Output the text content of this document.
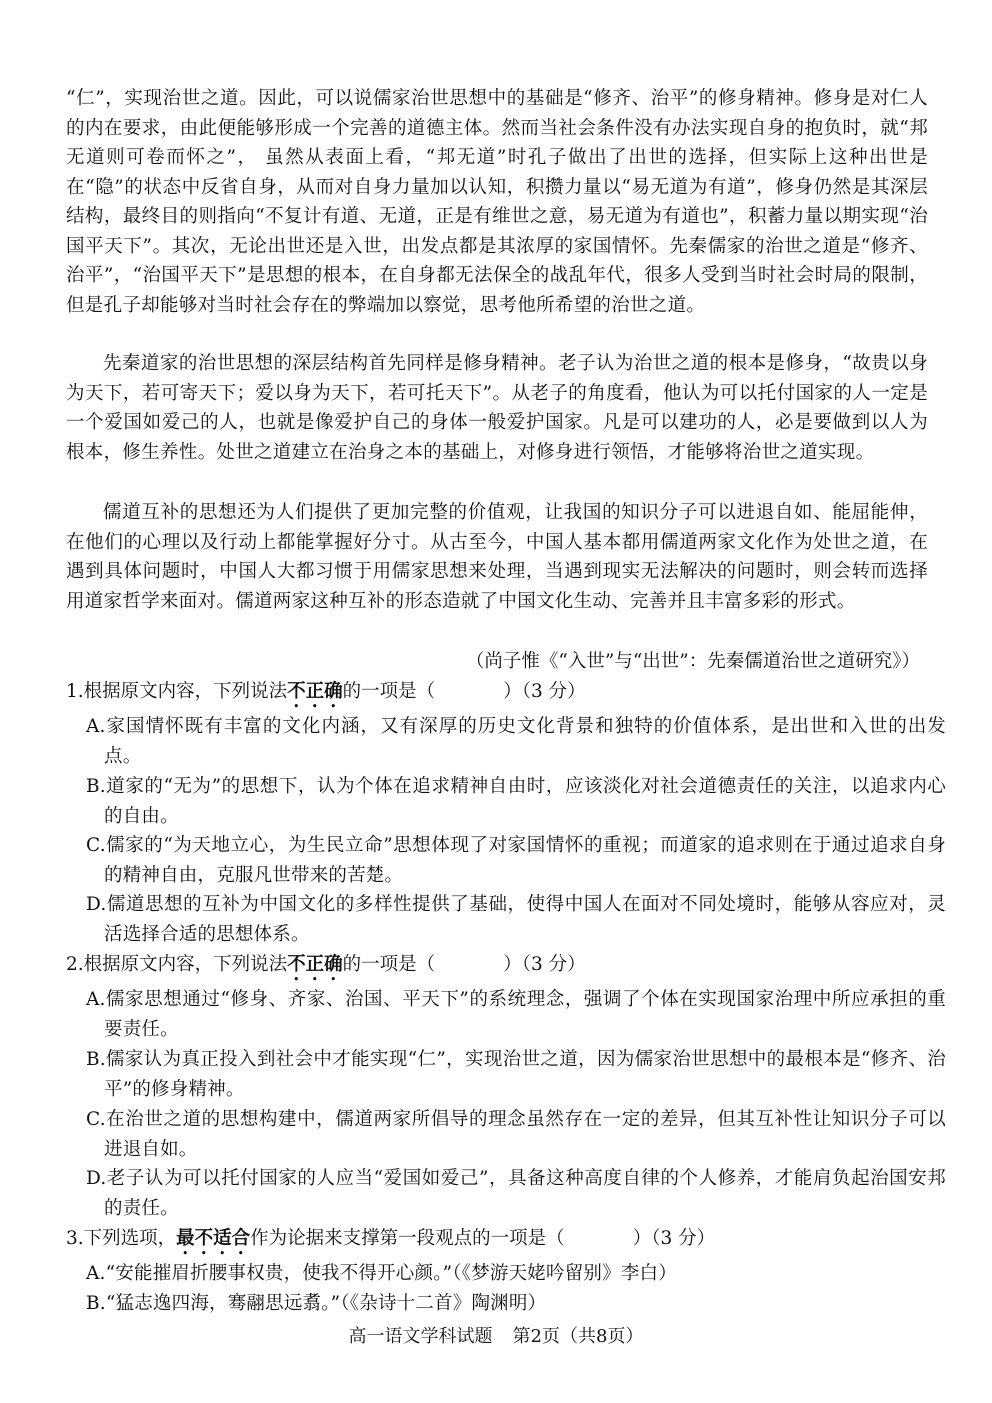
“仁”，实现治世之道。因此，可以说儒家治世思想中的基础是“修齐、治平”的修身精神。修身是对仁人的内在要求，由此便能够形成一个完善的道德主体。然而当社会条件没有办法实现自身的抱负时，就“邦无道则可卷而怀之”， 虽然从表面上看，“邦无道”时孔子做出了出世的选择，但实际上这种出世是在“隐”的状态中反省自身，从而对自身力量加以认知，积攒力量以“易无道为有道”，修身仍然是其深层结构，最终目的则指向“不复计有道、无道，正是有维世之意，易无道为有道也”，积蓄力量以期实现“治国平天下”。其次，无论出世还是入世，出发点都是其浓厚的家国情怀。先秦儒家的治世之道是“修齐、治平”，“治国平天下”是思想的根本，在自身都无法保全的战乱年代，很多人受到当时社会时局的限制，但是孔子却能够对当时社会存在的弊端加以察觉，思考他所希望的治世之道。

先秦道家的治世思想的深层结构首先同样是修身精神。老子认为治世之道的根本是修身，“故贵以身为天下，若可寄天下；爱以身为天下，若可托天下”。从老子的角度看，他认为可以托付国家的人一定是一个爱国如爱己的人，也就是像爱护自己的身体一般爱护国家。凡是可以建功的人，必是要做到以人为根本，修生养性。处世之道建立在治身之本的基础上，对修身进行领悟，才能够将治世之道实现。

儒道互补的思想还为人们提供了更加完整的价值观，让我国的知识分子可以进退自如、能屈能伸，在他们的心理以及行动上都能掌握好分寸。从古至今，中国人基本都用儒道两家文化作为处世之道，在遇到具体问题时，中国人大都习惯于用儒家思想来处理，当遇到现实无法解决的问题时，则会转而选择用道家哲学来面对。儒道两家这种互补的形态造就了中国文化生动、完善并且丰富多彩的形式。

（尚子惟《“入世”与“出世”：先秦儒道治世之道研究》）

1.根据原文内容，下列说法不正确的一项是（	）（3 分）

A.家国情怀既有丰富的文化内涵，又有深厚的历史文化背景和独特的价值体系，是出世和入世的出发点。

B.道家的“无为”的思想下，认为个体在追求精神自由时，应该淡化对社会道德责任的关注，以追求内心的自由。

C.儒家的“为天地立心，为生民立命”思想体现了对家国情怀的重视；而道家的追求则在于通过追求自身的精神自由，克服凡世带来的苦楚。

D.儒道思想的互补为中国文化的多样性提供了基础，使得中国人在面对不同处境时，能够从容应对，灵活选择合适的思想体系。

2.根据原文内容，下列说法不正确的一项是（	）（3 分）

A.儒家思想通过“修身、齐家、治国、平天下”的系统理念，强调了个体在实现国家治理中所应承担的重要责任。

B.儒家认为真正投入到社会中才能实现“仁”，实现治世之道，因为儒家治世思想中的最根本是“修齐、治平”的修身精神。

C.在治世之道的思想构建中，儒道两家所倡导的理念虽然存在一定的差异，但其互补性让知识分子可以进退自如。

D.老子认为可以托付国家的人应当“爱国如爱己”，具备这种高度自律的个人修养，才能肩负起治国安邦的责任。

3.下列选项，最不适合作为论据来支撑第一段观点的一项是（	）（3 分）

A.“安能摧眉折腰事权贵，使我不得开心颜。”（《梦游天姥吟留别》李白）

B.“猛志逸四海，骞翮思远翥。”（《杂诗十二首》陶渊明）

高一语文学科试题 第2页（共8页）
